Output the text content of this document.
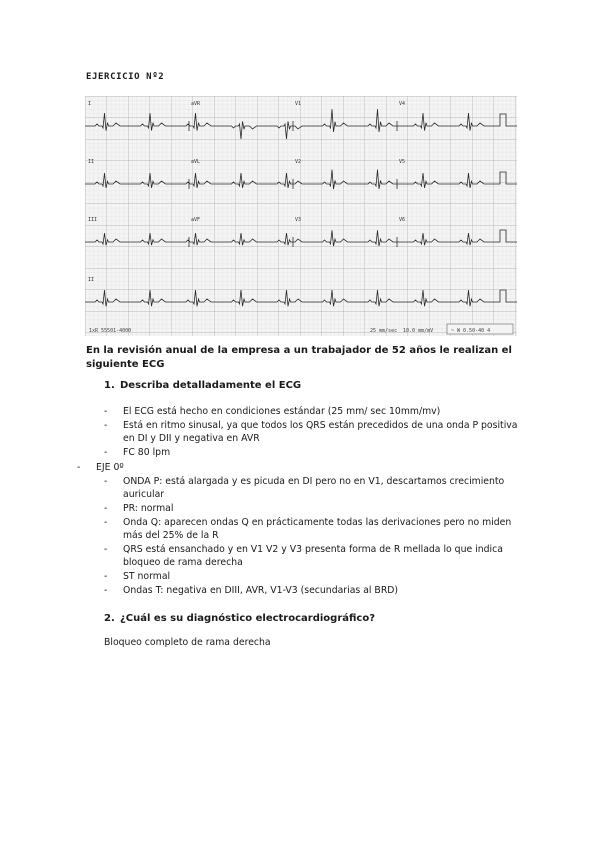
EJERCICIO Nº2
I	aVR	V1	V4
II	aVL	V2	V5
III	aVF	V3	V6
II
1xR 55501-4000	25 mm/sec 10.0 mm/mV	~ W 0.50-40 4
En la revisión anual de la empresa a un trabajador de 52 años le realizan el siguiente ECG
1. Describa detalladamente el ECG
- El ECG está hecho en condiciones estándar (25 mm/ sec 10mm/mv)
- Está en ritmo sinusal, ya que todos los QRS están precedidos de una onda P positiva en DI y DII y negativa en AVR
- FC 80 lpm
- EJE 0º
- ONDA P: está alargada y es picuda en DI pero no en V1, descartamos crecimiento auricular
- PR: normal
- Onda Q: aparecen ondas Q en prácticamente todas las derivaciones pero no miden más del 25% de la R
- QRS está ensanchado y en V1 V2 y V3 presenta forma de R mellada lo que indica bloqueo de rama derecha
- ST normal
- Ondas T: negativa en DIII, AVR, V1-V3 (secundarias al BRD)
2. ¿Cuál es su diagnóstico electrocardiográfico?
Bloqueo completo de rama derecha
